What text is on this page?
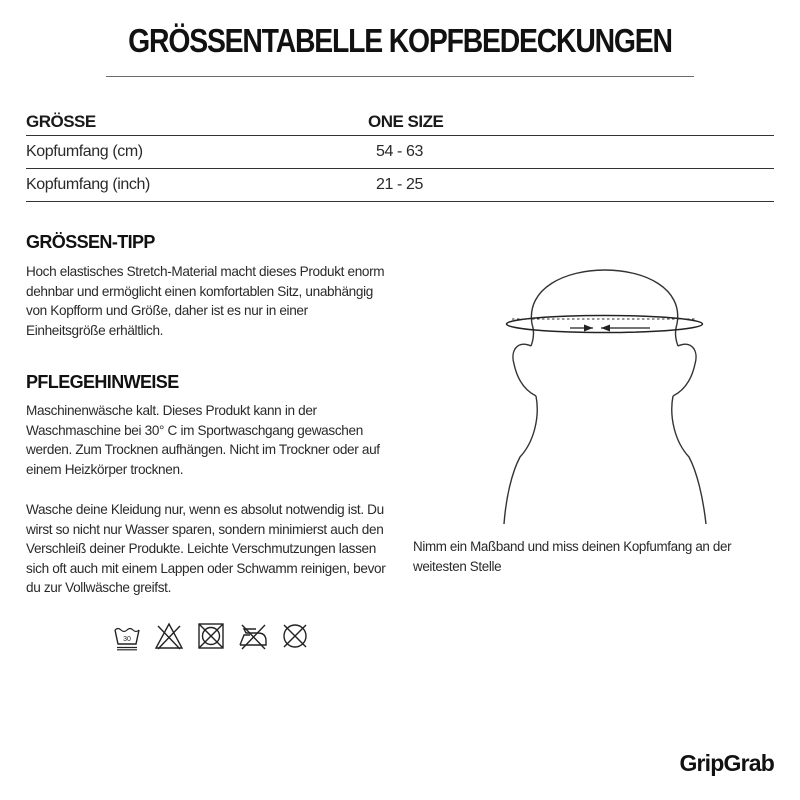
GRÖSSENTABELLE KOPFBEDECKUNGEN
GRÖSSE	ONE SIZE
Kopfumfang (cm)	54 - 63
Kopfumfang (inch)	21 - 25
GRÖSSEN-TIPP

Hoch elastisches Stretch-Material macht dieses Produkt enorm dehnbar und ermöglicht einen komfortablen Sitz, unabhängig von Kopfform und Größe, daher ist es nur in einer Einheitsgröße erhältlich.

PFLEGEHINWEISE

Maschinenwäsche kalt. Dieses Produkt kann in der Waschmaschine bei 30° C im Sportwaschgang gewaschen werden. Zum Trocknen aufhängen. Nicht im Trockner oder auf einem Heizkörper trocknen.

Wasche deine Kleidung nur, wenn es absolut notwendig ist. Du wirst so nicht nur Wasser sparen, sondern minimierst auch den Verschleiß deiner Produkte. Leichte Verschmutzungen lassen sich oft auch mit einem Lappen oder Schwamm reinigen, bevor du zur Vollwäsche greifst.

30

Nimm ein Maßband und miss deinen Kopfumfang an der weitesten Stelle

GripGrab
